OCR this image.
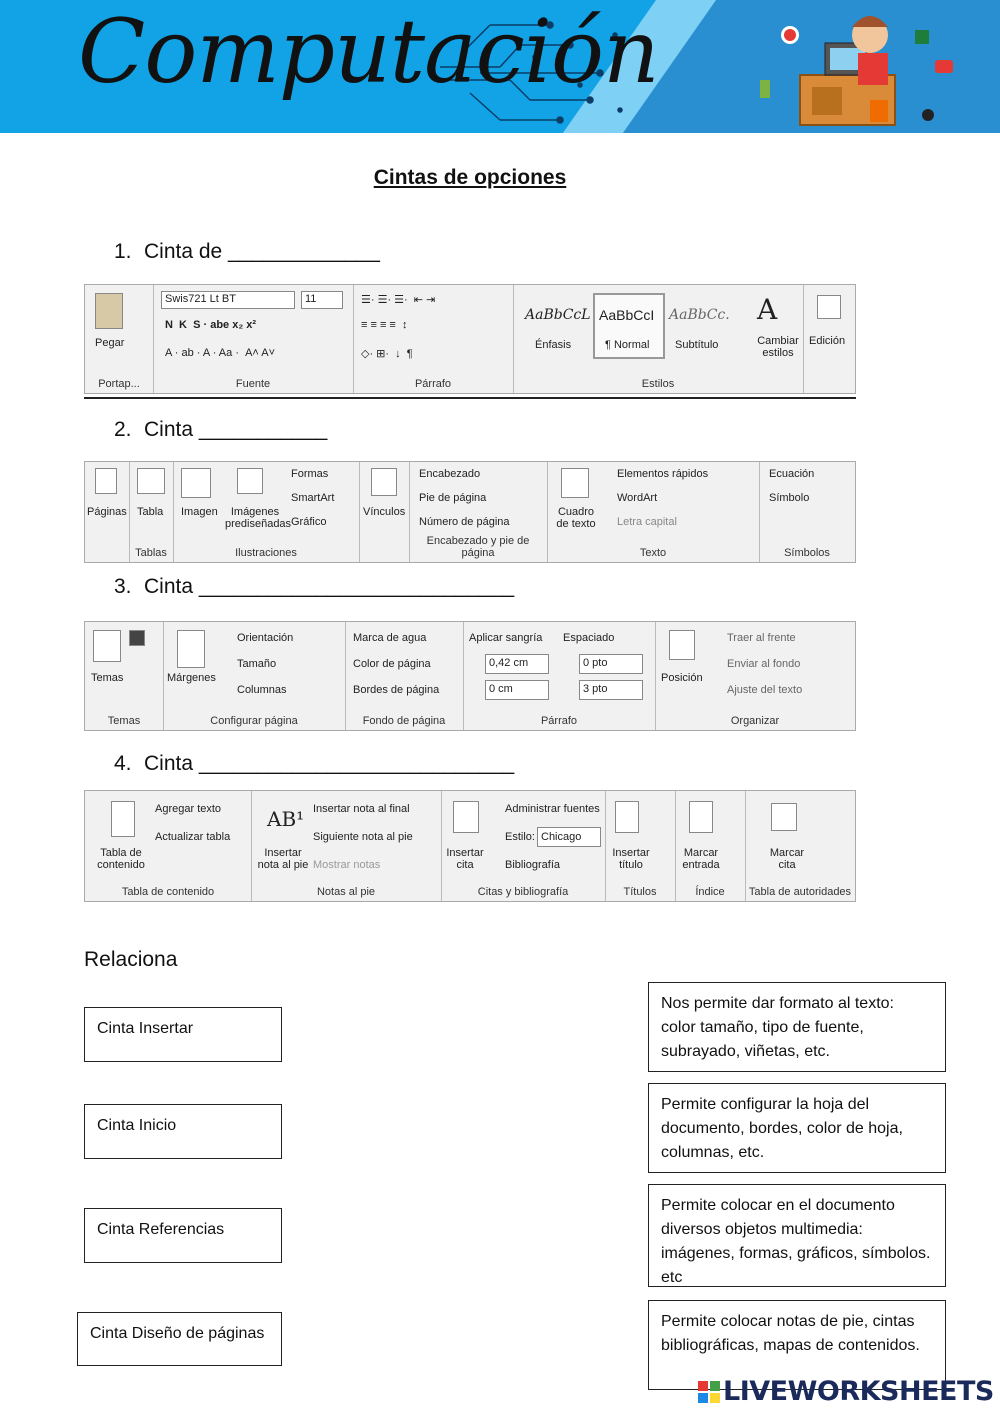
Computación
Cintas de opciones
1. Cinta de _____________
Pegar
Portap...
Swis721 Lt BT	11
N  K  S · abe x₂ x²
A · ab · A · Aa ·  A˄ A˅
Fuente
☰· ☰· ☰·  ⇤ ⇥
≡ ≡ ≡ ≡  ↕
◇· ⊞·  ↓  ¶
Párrafo
AaBbCcL
Énfasis
AaBbCcI
¶ Normal
AaBbCc.
Subtítulo
A
Cambiar estilos
Estilos
Edición
2. Cinta ___________
Páginas Tabla
Tablas
Imagen	Imágenes prediseñadas
Formas
SmartArt
Gráfico
Ilustraciones
Vínculos
Encabezado
Pie de página
Número de página
Encabezado y pie de página
Cuadro de texto
Elementos rápidos
WordArt
Letra capital
Texto
Ecuación
Símbolo
Símbolos
3. Cinta ___________________________
Temas
Temas
Márgenes
Orientación
Tamaño
Columnas
Configurar página
Marca de agua
Color de página
Bordes de página
Fondo de página
Aplicar sangría Espaciado
0,42 cm
0 cm
0 pto
3 pto
Párrafo
Posición
Traer al frente
Enviar al fondo
Ajuste del texto
Organizar
4. Cinta ___________________________
Tabla de contenido
Agregar texto
Actualizar tabla
Tabla de contenido
AB¹
Insertar nota al pie
Insertar nota al final
Siguiente nota al pie
Mostrar notas
Notas al pie
Insertar cita
Administrar fuentes
Estilo: Chicago
Bibliografía
Citas y bibliografía
Insertar título
Títulos
Marcar entrada
Índice
Marcar cita
Tabla de autoridades
Relaciona
Cinta Insertar
Cinta Inicio
Cinta Referencias
Cinta Diseño de páginas
Nos permite dar formato al texto: color tamaño, tipo de fuente, subrayado, viñetas, etc.
Permite configurar la hoja del documento, bordes, color de hoja, columnas, etc.
Permite colocar en el documento diversos objetos multimedia: imágenes, formas, gráficos, símbolos. etc
Permite colocar notas de pie, cintas bibliográficas, mapas de contenidos.
LIVEWORKSHEETS
